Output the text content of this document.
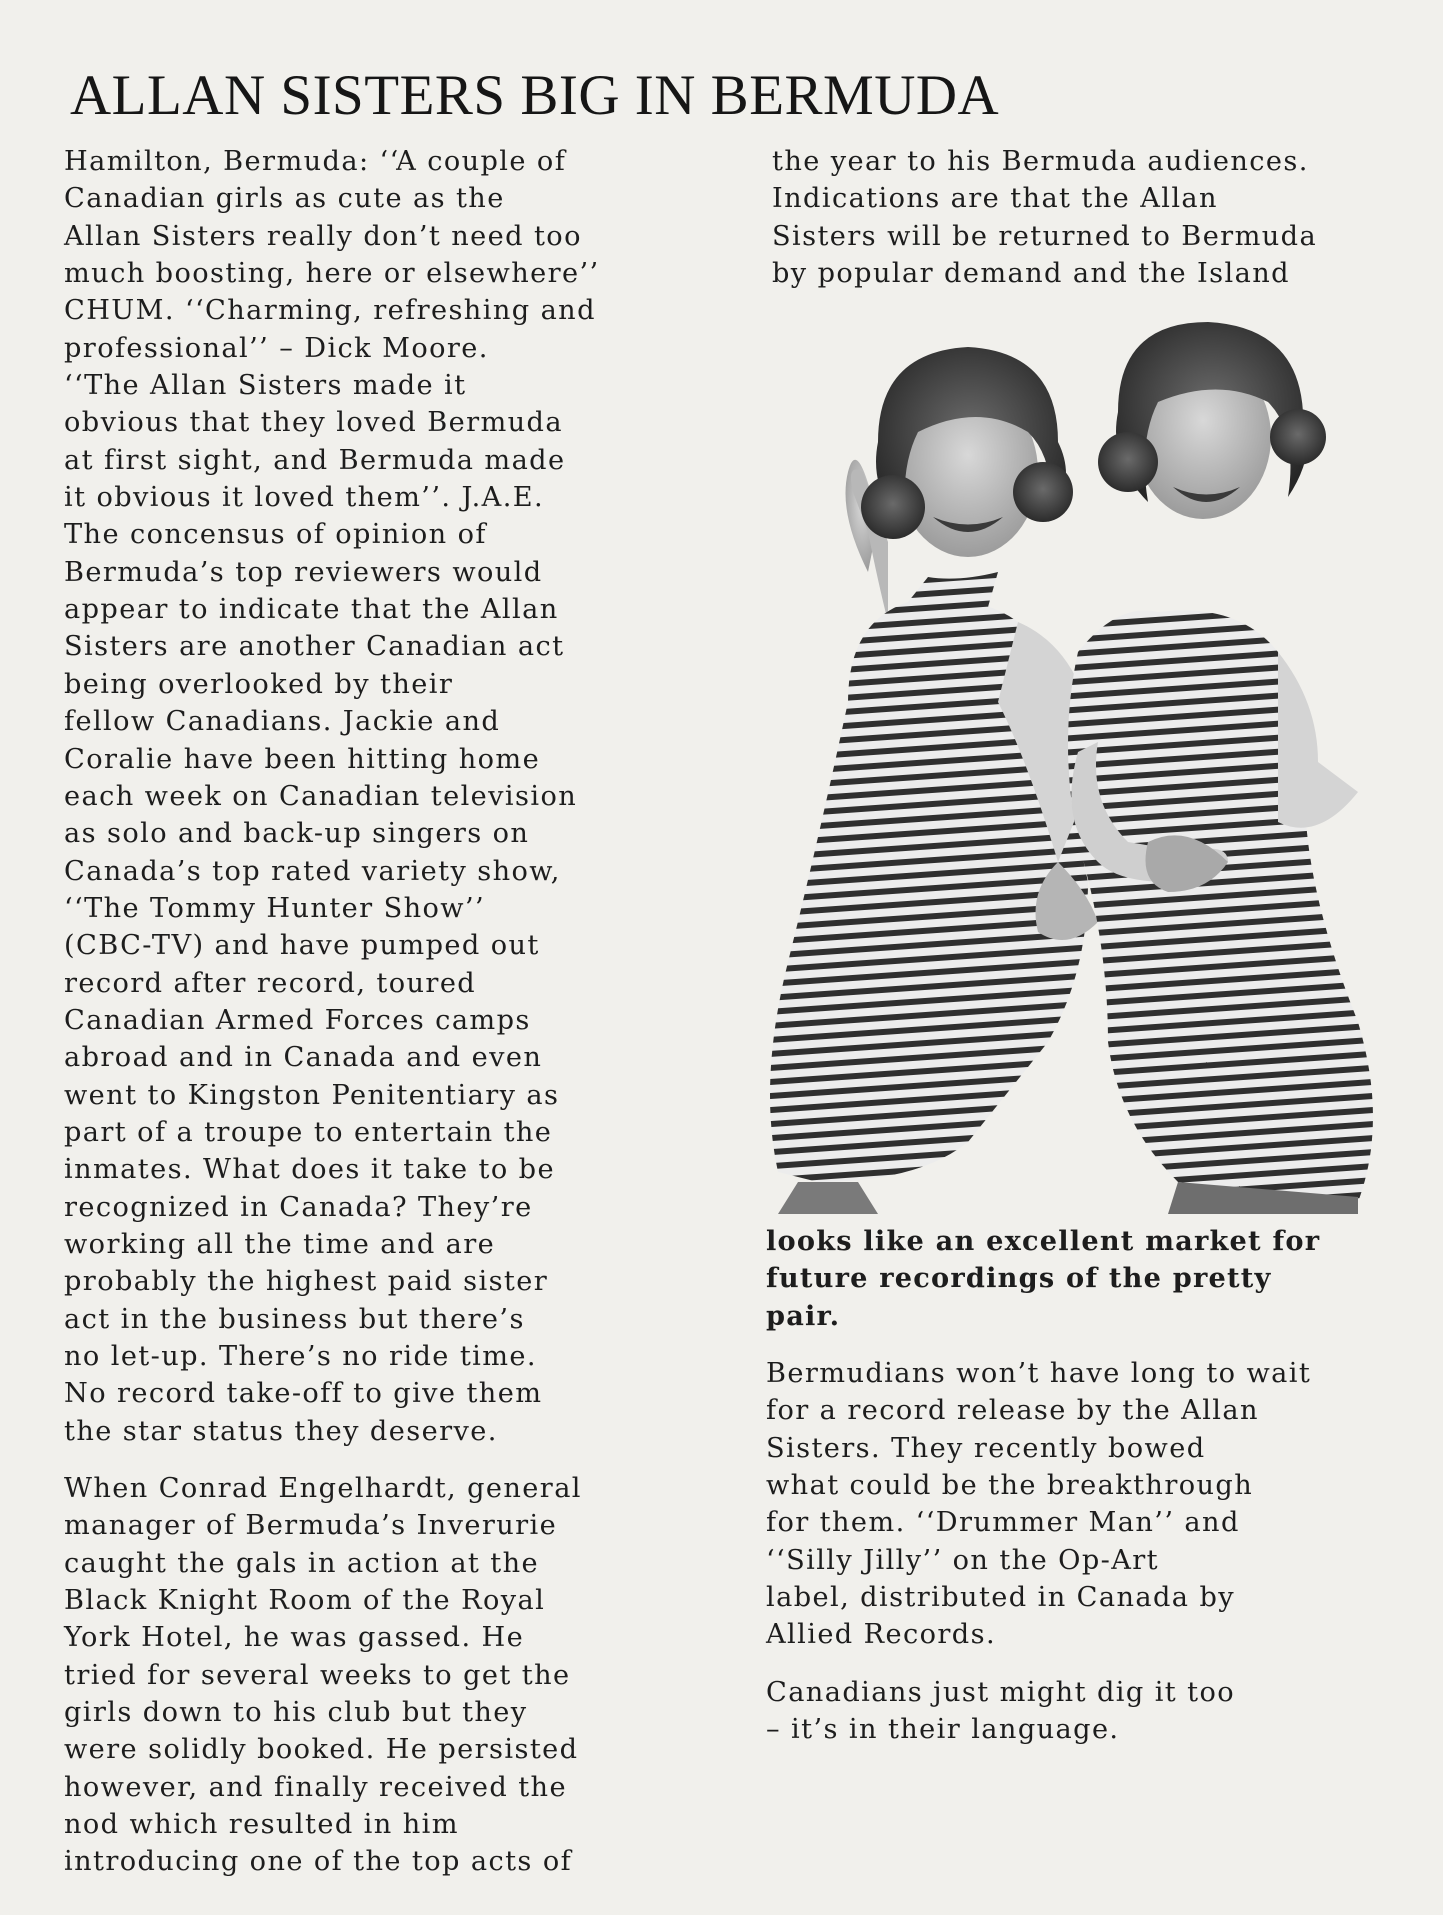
ALLAN SISTERS BIG IN BERMUDA

Hamilton, Bermuda: ‘‘A couple of
Canadian girls as cute as the
Allan Sisters really don’t need too
much boosting, here or elsewhere’’
CHUM. ‘‘Charming, refreshing and
professional’’ – Dick Moore.
‘‘The Allan Sisters made it
obvious that they loved Bermuda
at first sight, and Bermuda made
it obvious it loved them’’. J.A.E.
The concensus of opinion of
Bermuda’s top reviewers would
appear to indicate that the Allan
Sisters are another Canadian act
being overlooked by their
fellow Canadians. Jackie and
Coralie have been hitting home
each week on Canadian television
as solo and back-up singers on
Canada’s top rated variety show,
‘‘The Tommy Hunter Show’’
(CBC-TV) and have pumped out
record after record, toured
Canadian Armed Forces camps
abroad and in Canada and even
went to Kingston Penitentiary as
part of a troupe to entertain the
inmates. What does it take to be
recognized in Canada? They’re
working all the time and are
probably the highest paid sister
act in the business but there’s
no let-up. There’s no ride time.
No record take-off to give them
the star status they deserve.

When Conrad Engelhardt, general
manager of Bermuda’s Inverurie
caught the gals in action at the
Black Knight Room of the Royal
York Hotel, he was gassed. He
tried for several weeks to get the
girls down to his club but they
were solidly booked. He persisted
however, and finally received the
nod which resulted in him
introducing one of the top acts of

the year to his Bermuda audiences.
Indications are that the Allan
Sisters will be returned to Bermuda
by popular demand and the Island

looks like an excellent market for
future recordings of the pretty
pair.

Bermudians won’t have long to wait
for a record release by the Allan
Sisters. They recently bowed
what could be the breakthrough
for them. ‘‘Drummer Man’’ and
‘‘Silly Jilly’’ on the Op-Art
label, distributed in Canada by
Allied Records.

Canadians just might dig it too
– it’s in their language.
